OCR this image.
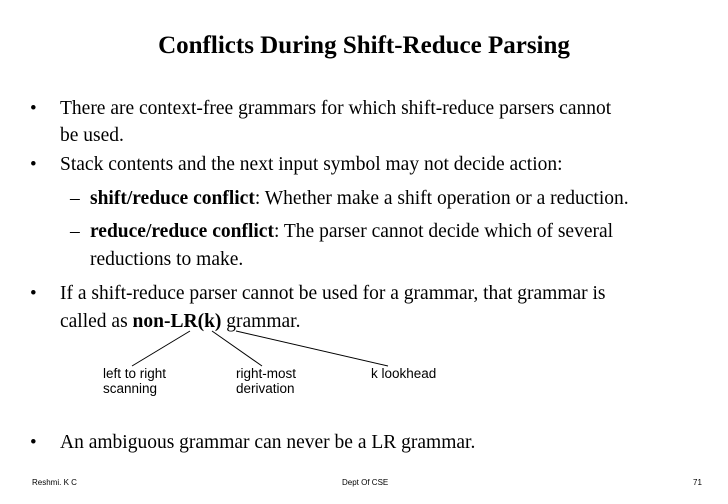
Conflicts During Shift-Reduce Parsing
• There are context-free grammars for which shift-reduce parsers cannot
be used.
• Stack contents and the next input symbol may not decide action:
– shift/reduce conflict: Whether make a shift operation or a reduction.
– reduce/reduce conflict: The parser cannot decide which of several
reductions to make.
• If a shift-reduce parser cannot be used for a grammar, that grammar is
called as non-LR(k) grammar.
left to right
scanning
right-most
derivation
k lookhead
• An ambiguous grammar can never be a LR grammar.
Reshmi. K C	Dept Of CSE	71
